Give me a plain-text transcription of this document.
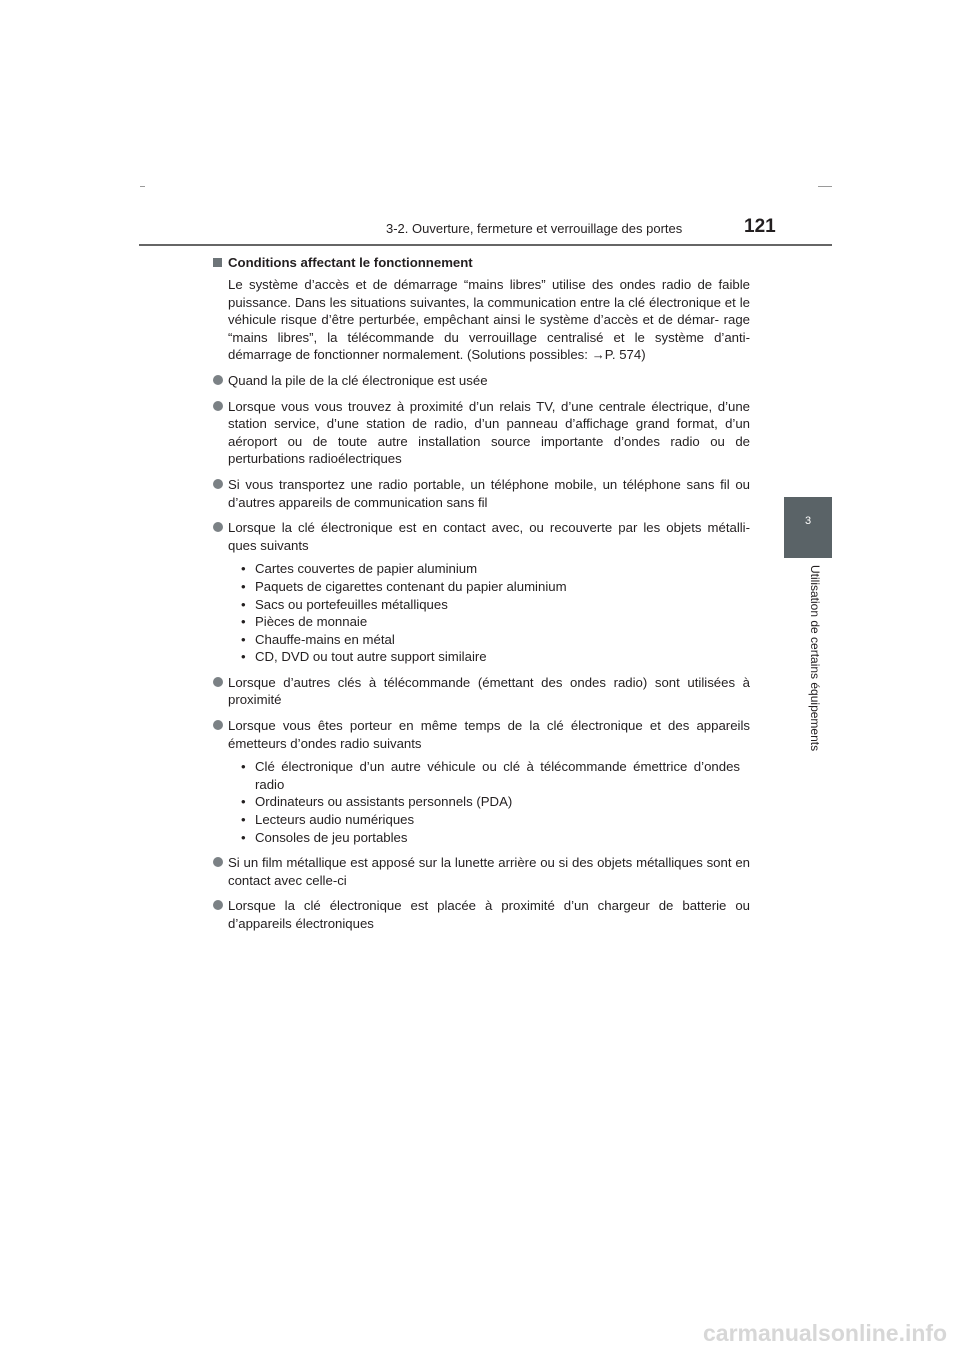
3-2. Ouverture, fermeture et verrouillage des portes	121
3
Utilisation de certains équipements
Conditions affectant le fonctionnement
Le système d’accès et de démarrage “mains libres” utilise des ondes radio de faible puissance. Dans les situations suivantes, la communication entre la clé électronique et le véhicule risque d’être perturbée, empêchant ainsi le système d’accès et de démar- rage “mains libres”, la télécommande du verrouillage centralisé et le système d’anti- démarrage de fonctionner normalement. (Solutions possibles: →P. 574)
Quand la pile de la clé électronique est usée
Lorsque vous vous trouvez à proximité d’un relais TV, d’une centrale électrique, d’une station service, d’une station de radio, d’un panneau d’affichage grand format, d’un aéroport ou de toute autre installation source importante d’ondes radio ou de perturbations radioélectriques
Si vous transportez une radio portable, un téléphone mobile, un téléphone sans fil ou d’autres appareils de communication sans fil
Lorsque la clé électronique est en contact avec, ou recouverte par les objets métalli- ques suivants
• Cartes couvertes de papier aluminium
• Paquets de cigarettes contenant du papier aluminium
• Sacs ou portefeuilles métalliques
• Pièces de monnaie
• Chauffe-mains en métal
• CD, DVD ou tout autre support similaire
Lorsque d’autres clés à télécommande (émettant des ondes radio) sont utilisées à proximité
Lorsque vous êtes porteur en même temps de la clé électronique et des appareils émetteurs d’ondes radio suivants
• Clé électronique d’un autre véhicule ou clé à télécommande émettrice d’ondes radio
• Ordinateurs ou assistants personnels (PDA)
• Lecteurs audio numériques
• Consoles de jeu portables
Si un film métallique est apposé sur la lunette arrière ou si des objets métalliques sont en contact avec celle-ci
Lorsque la clé électronique est placée à proximité d’un chargeur de batterie ou d’appareils électroniques
carmanualsonline.info
